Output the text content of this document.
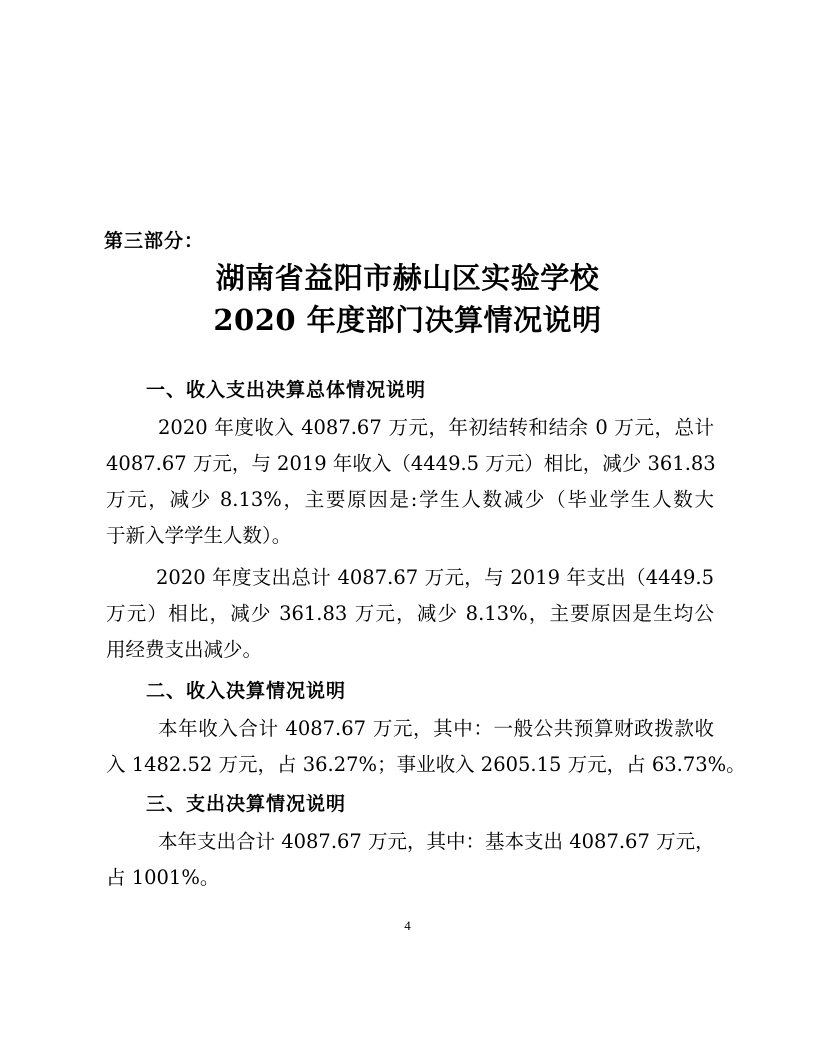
第三部分：
湖南省益阳市赫山区实验学校
2020 年度部门决算情况说明
一、收入支出决算总体情况说明
2020 年度收入 4087.67 万元，年初结转和结余 0 万元，总计
4087.67 万元，与 2019 年收入（4449.5 万元）相比，减少 361.83
万元，减少 8.13%，主要原因是:学生人数减少（毕业学生人数大
于新入学学生人数）。
2020 年度支出总计 4087.67 万元，与 2019 年支出（4449.5
万元）相比，减少 361.83 万元，减少 8.13%，主要原因是生均公
用经费支出减少。
二、收入决算情况说明
本年收入合计 4087.67 万元，其中：一般公共预算财政拨款收
入 1482.52 万元，占 36.27%；事业收入 2605.15 万元，占 63.73%。
三、支出决算情况说明
本年支出合计 4087.67 万元，其中：基本支出 4087.67 万元，
占 1001%。
4
